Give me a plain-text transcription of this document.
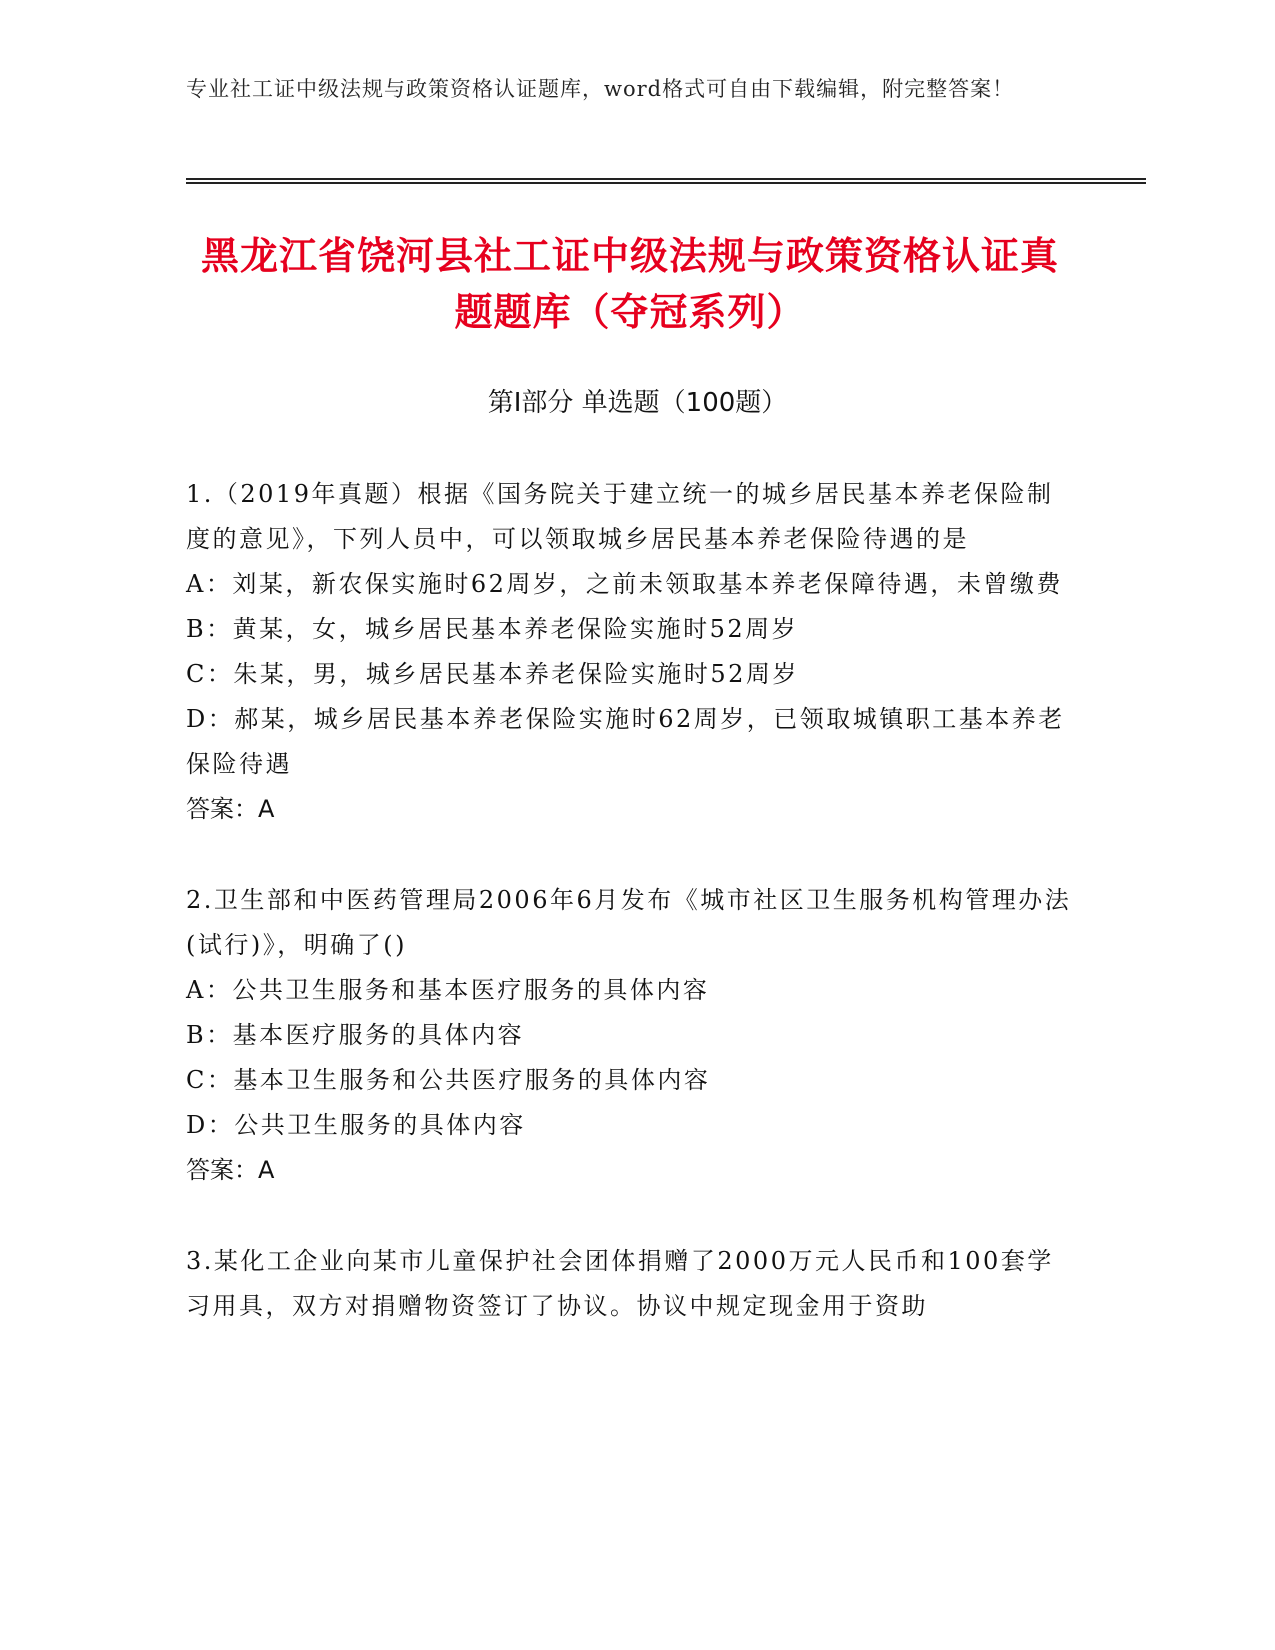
专业社工证中级法规与政策资格认证题库，word格式可自由下载编辑，附完整答案！
黑龙江省饶河县社工证中级法规与政策资格认证真题题库（夺冠系列）
第Ⅰ部分 单选题（100题）

1.（2019年真题）根据《国务院关于建立统一的城乡居民基本养老保险制度的意见》，下列人员中，可以领取城乡居民基本养老保险待遇的是

A：刘某，新农保实施时62周岁，之前未领取基本养老保障待遇，未曾缴费

B：黄某，女，城乡居民基本养老保险实施时52周岁

C：朱某，男，城乡居民基本养老保险实施时52周岁

D：郝某，城乡居民基本养老保险实施时62周岁，已领取城镇职工基本养老保险待遇

答案：A

2.卫生部和中医药管理局2006年6月发布《城市社区卫生服务机构管理办法(试行)》，明确了()

A：公共卫生服务和基本医疗服务的具体内容

B：基本医疗服务的具体内容

C：基本卫生服务和公共医疗服务的具体内容

D：公共卫生服务的具体内容

答案：A

3.某化工企业向某市儿童保护社会团体捐赠了2000万元人民币和100套学习用具，双方对捐赠物资签订了协议。协议中规定现金用于资助
